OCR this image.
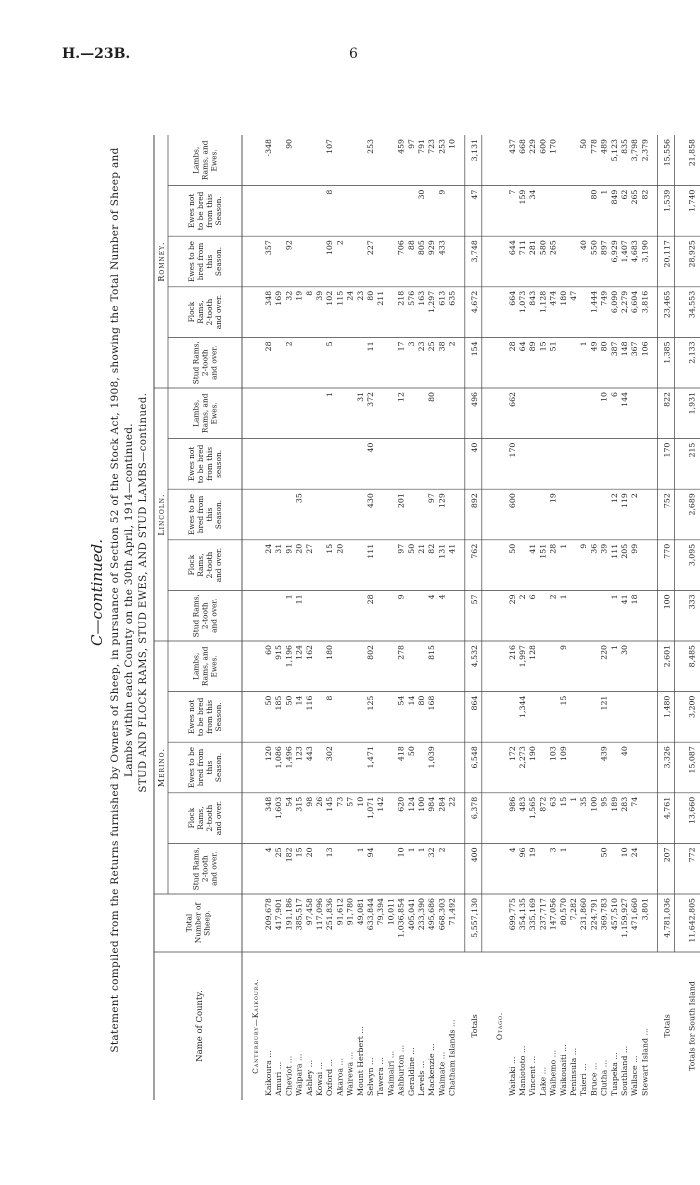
H.—23B.	6
C—continued. Statement compiled from the Returns furnished by Owners of Sheep, in pursuance of Section 52 of the Stock Act, 1908, showing the Total Number of Sheep and Lambs within each County on the 30th April, 1914—continued. STUD AND FLOCK RAMS, STUD EWES, AND STUD LAMBS—continued. Merino.
Lincoln.
Romney.
Name of County.
Total Number of Sheep.
Stud Rams, 2-tooth and over.
Flock Rams, 2-tooth and over.
Ewes to be bred from this Season.
Ewes not to be bred from this Season.
Lambs, Rams, and Ewes.
Stud Rams, 2-tooth and over.
Flock Rams, 2-tooth and over.
Ewes to be bred from this Season.
Ewes not to be bred from this season.
Lambs, Rams, and Ewes.
Stud Rams, 2-tooth and over.
Flock Rams, 2-tooth and over.
Ewes to be bred from this Season.
Ewes not to be bred from this Season.
Lambs, Rams, and Ewes.
Canterbury—Kaikoura. Kaikoura ...
209,678
4
348
120
50
60
24
28
348
357
·348
Amuri ...
417,901
25
1,603
1,086
185
915
31
169
Cheviot ...
191,186
182
54
1,496
50
1,196
1
91
2
32
92
90
Waipara ...
385,517
15
315
123
14
124
11
20
35
19
Ashley ...
97,458
20
98
443
116
162
27
8
Kowai ...
117,096
26
39
Oxford ...
251,836
13
145
302
8
180
15
1
5
102
109
8
107
Akaroa ...
91,612
73
20
115
2
Wairewa ...
91,780
57
24
Mount Herbert ...
49,081
1
10
31
23
Selwyn ...
633,844
94
1,071
1,471
125
802
28
111
430
40
372
11
80
227
253
Tawera ...
79,394
142
211
Waimairi ...
10,011
Ashburton ...
1,036,854
10
620
418
54
278
9
97
201
12
17
218
706
459
Geraldine ...
405,041
1
124
50
14
50
3
576
88
97
Levels ...
233,390
1
100
80
21
23
163
805
30
791
Mackenzie ...
495,686
32
984
1,039
168
815
4
82
97
80
25
1,297
929
723
Waimate ...
668,303
2
284
4
131
129
38
613
433
9
253
Chatham Islands ...
71,492
22
41
2
635
10
Totals
5,557,130
400
6,378
6,548
864
4,532
57
762
892
40
496
154
4,672
3,748
47
3,131
Otago.
Waitaki ...
699,775
4
986
172
216
29
50
600
170
662
28
664
644
7
437
Maniototo ...
354,135
96
483
2,273
1,344
1,997
2
64
1,073
711
159
668
Vincent ...
335,169
19
1,565
190
128
6
41
89
843
281
34
229
Lake ...
237,717
872
151
15
1,128
580
600
Waihemo ...
147,056
3
63
103
2
28
19
51
474
265
170
Waikouaiti ...
80,570
1
15
109
15
9
1
1
180
Peninsula ...
7,282
1
47
Taieri ...
231,860
35
9
1
40
50
Bruce ...
224,791
100
36
49
1,444
550
80
778
Clutha ...
369,783
50
95
439
121
220
39
10
80
749
897
1
489
Tuapeka ...
457,510
189
1
1
111
12
6
387
6,090
6,929
849
5,123
Southland ...
1,159,927
10
283
40
30
41
205
119
144
148
2,279
1,407
62
835
Wallace ...
471,660
24
74
18
99
2
367
6,604
4,683
265
3,798
Stewart Island ...
3,801
106
3,816
3,190
82
2,379
Totals
4,781,036
207
4,761
3,326
1,480
2,601
100
770
752
170
822
1,385
23,465
20,117
1,539
15,556
Totals for South Island
11,642,805
772
13,660
15,087
3,200
8,485
333
3,095
2,689
215
1,931
2,133
34,553
28,925
1,740
21,858
